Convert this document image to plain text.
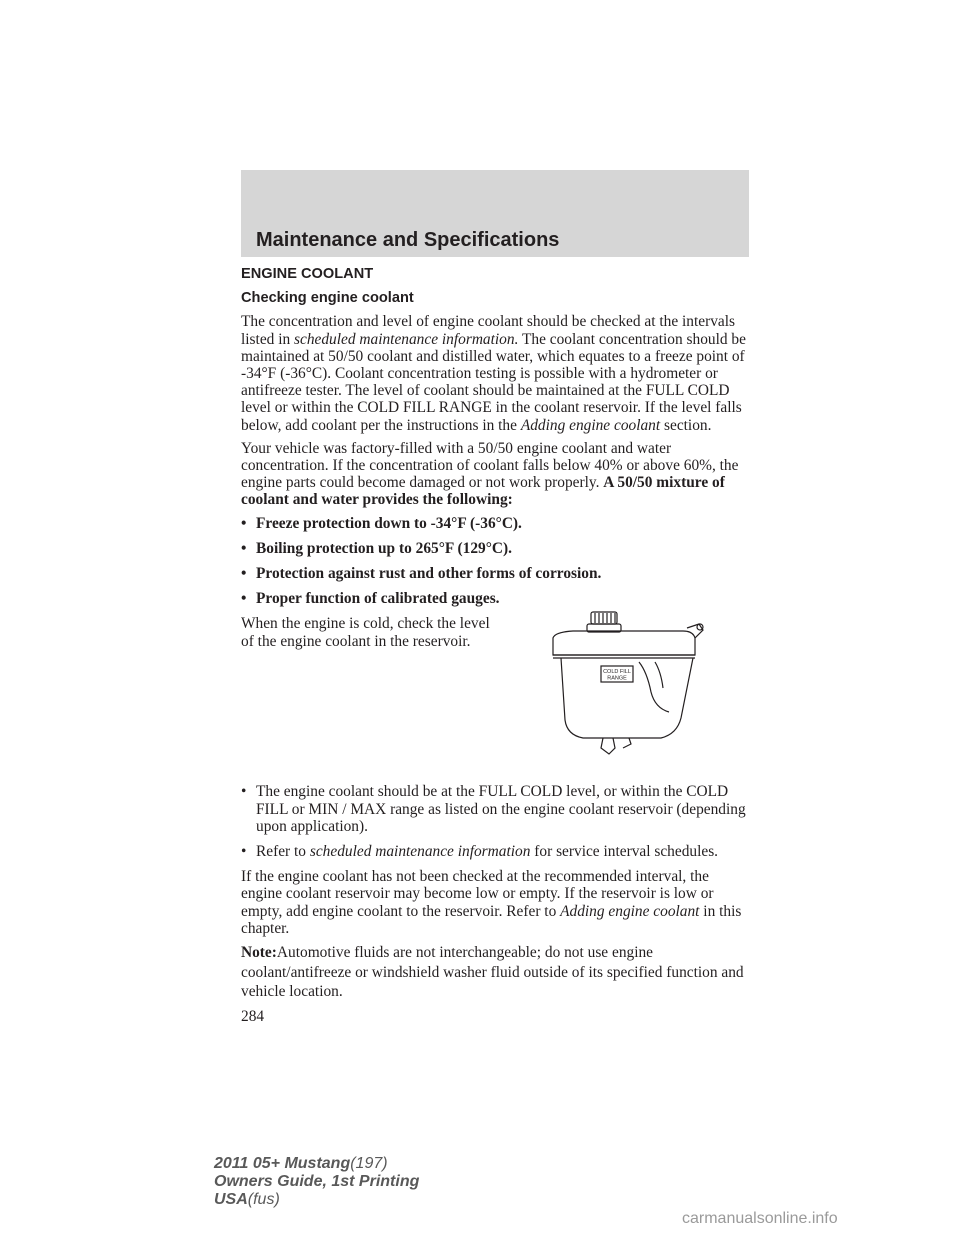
Maintenance and Specifications
ENGINE COOLANT
Checking engine coolant

The concentration and level of engine coolant should be checked at the intervals listed in scheduled maintenance information. The coolant concentration should be maintained at 50/50 coolant and distilled water, which equates to a freeze point of -34°F (-36°C). Coolant concentration testing is possible with a hydrometer or antifreeze tester. The level of coolant should be maintained at the FULL COLD level or within the COLD FILL RANGE in the coolant reservoir. If the level falls below, add coolant per the instructions in the Adding engine coolant section.

Your vehicle was factory-filled with a 50/50 engine coolant and water concentration. If the concentration of coolant falls below 40% or above 60%, the engine parts could become damaged or not work properly. A 50/50 mixture of coolant and water provides the following:

• Freeze protection down to -34°F (-36°C).
• Boiling protection up to 265°F (129°C).
• Protection against rust and other forms of corrosion.
• Proper function of calibrated gauges.

When the engine is cold, check the level of the engine coolant in the reservoir.

COLD FILL
RANGE
• The engine coolant should be at the FULL COLD level, or within the COLD FILL or MIN / MAX range as listed on the engine coolant reservoir (depending upon application).
• Refer to scheduled maintenance information for service interval schedules.

If the engine coolant has not been checked at the recommended interval, the engine coolant reservoir may become low or empty. If the reservoir is low or empty, add engine coolant to the reservoir. Refer to Adding engine coolant in this chapter.

Note:Automotive fluids are not interchangeable; do not use engine coolant/antifreeze or windshield washer fluid outside of its specified function and vehicle location.

284

2011 05+ Mustang(197)
Owners Guide, 1st Printing
USA(fus)
carmanualsonline.info
